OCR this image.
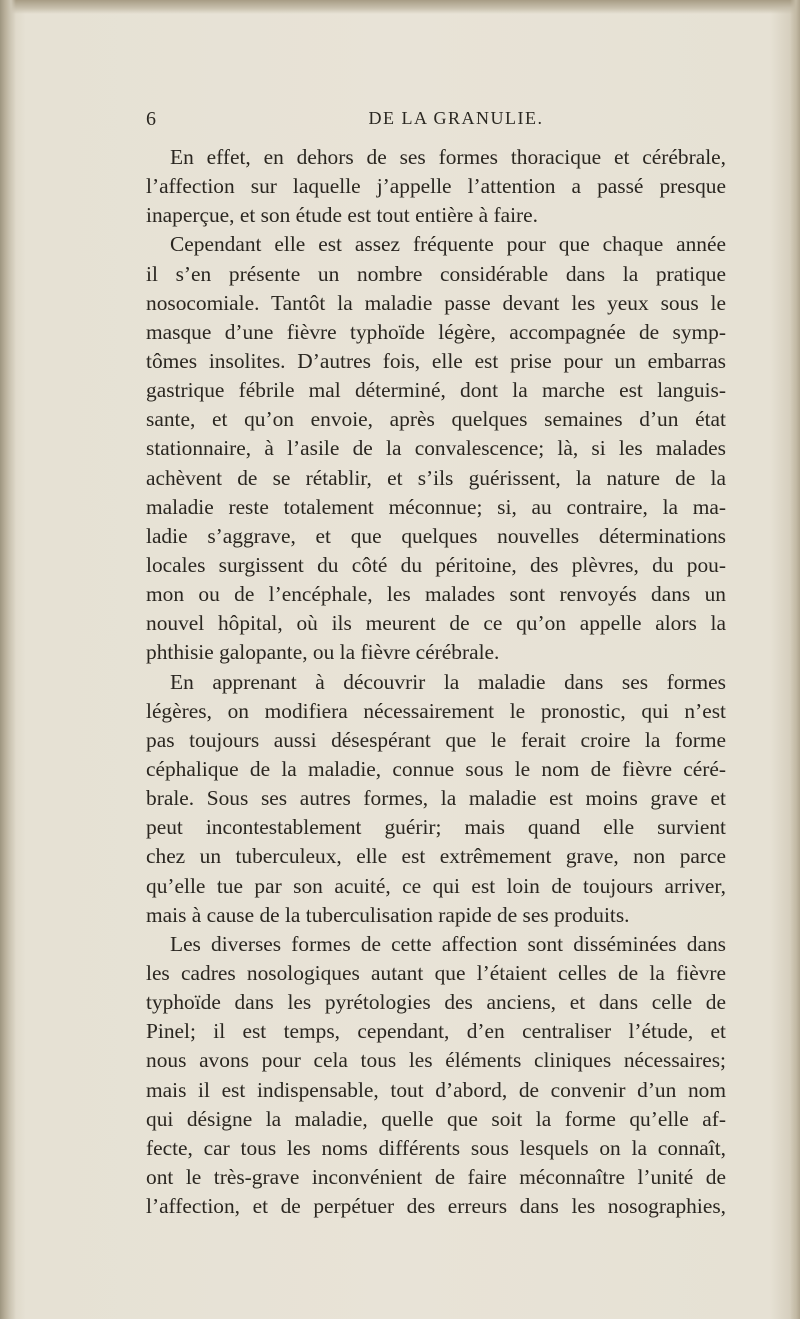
6	DE LA GRANULIE.
En effet, en dehors de ses formes thoracique et cérébrale,
l’affection sur laquelle j’appelle l’attention a passé presque
inaperçue, et son étude est tout entière à faire.
Cependant elle est assez fréquente pour que chaque année
il s’en présente un nombre considérable dans la pratique
nosocomiale. Tantôt la maladie passe devant les yeux sous le
masque d’une fièvre typhoïde légère, accompagnée de symp-
tômes insolites. D’autres fois, elle est prise pour un embarras
gastrique fébrile mal déterminé, dont la marche est languis-
sante, et qu’on envoie, après quelques semaines d’un état
stationnaire, à l’asile de la convalescence; là, si les malades
achèvent de se rétablir, et s’ils guérissent, la nature de la
maladie reste totalement méconnue; si, au contraire, la ma-
ladie s’aggrave, et que quelques nouvelles déterminations
locales surgissent du côté du péritoine, des plèvres, du pou-
mon ou de l’encéphale, les malades sont renvoyés dans un
nouvel hôpital, où ils meurent de ce qu’on appelle alors la
phthisie galopante, ou la fièvre cérébrale.
En apprenant à découvrir la maladie dans ses formes
légères, on modifiera nécessairement le pronostic, qui n’est
pas toujours aussi désespérant que le ferait croire la forme
céphalique de la maladie, connue sous le nom de fièvre céré-
brale. Sous ses autres formes, la maladie est moins grave et
peut incontestablement guérir; mais quand elle survient
chez un tuberculeux, elle est extrêmement grave, non parce
qu’elle tue par son acuité, ce qui est loin de toujours arriver,
mais à cause de la tuberculisation rapide de ses produits.
Les diverses formes de cette affection sont disséminées dans
les cadres nosologiques autant que l’étaient celles de la fièvre
typhoïde dans les pyrétologies des anciens, et dans celle de
Pinel; il est temps, cependant, d’en centraliser l’étude, et
nous avons pour cela tous les éléments cliniques nécessaires;
mais il est indispensable, tout d’abord, de convenir d’un nom
qui désigne la maladie, quelle que soit la forme qu’elle af-
fecte, car tous les noms différents sous lesquels on la connaît,
ont le très-grave inconvénient de faire méconnaître l’unité de
l’affection, et de perpétuer des erreurs dans les nosographies,
